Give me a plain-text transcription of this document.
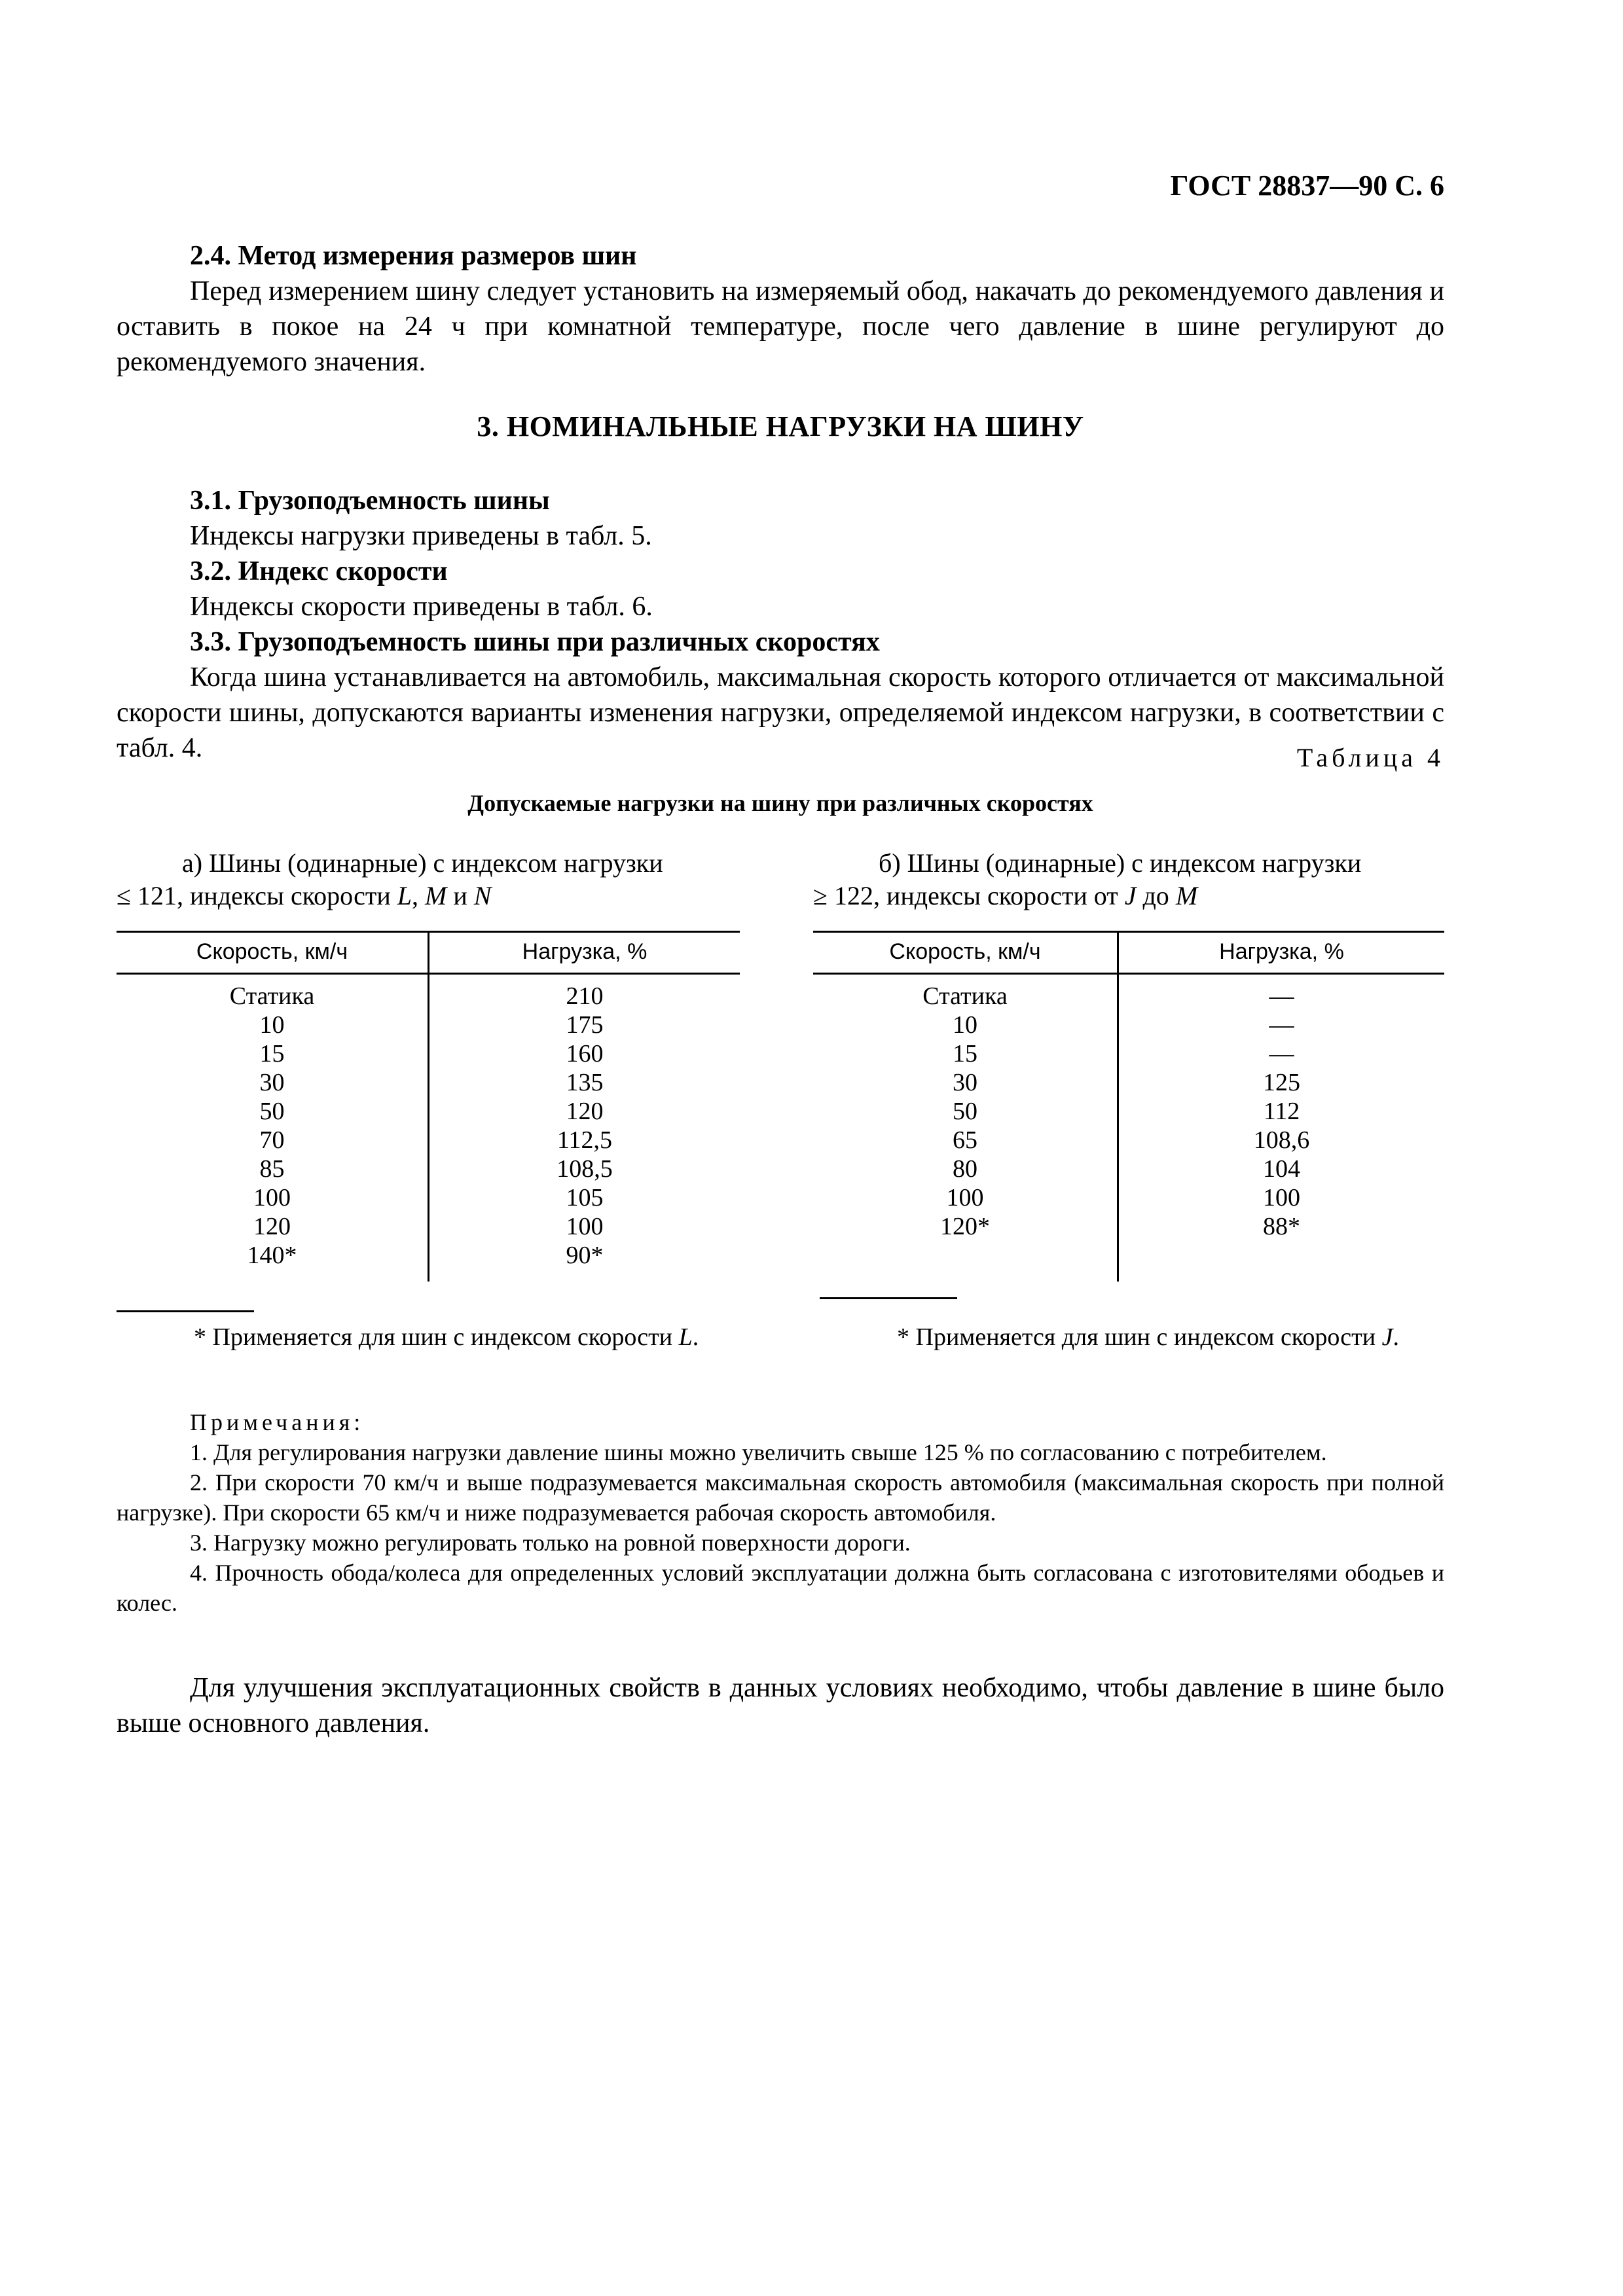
ГОСТ 28837—90 С. 6
2.4. Метод измерения размеров шин
Перед измерением шину следует установить на измеряемый обод, накачать до рекомендуемого давления и оставить в покое на 24 ч при комнатной температуре, после чего давление в шине регулируют до рекомендуемого значения.
3. НОМИНАЛЬНЫЕ НАГРУЗКИ НА ШИНУ
3.1. Грузоподъемность шины
Индексы нагрузки приведены в табл. 5.
3.2. Индекс скорости
Индексы скорости приведены в табл. 6.
3.3. Грузоподъемность шины при различных скоростях
Когда шина устанавливается на автомобиль, максимальная скорость которого отличается от максимальной скорости шины, допускаются варианты изменения нагрузки, определяемой индексом нагрузки, в соответствии с табл. 4.	Таблица 4
Допускаемые нагрузки на шину при различных скоростях

а) Шины (одинарные) с индексом нагрузки

≤ 121, индексы скорости L, M и N

б) Шины (одинарные) с индексом нагрузки

≥ 122, индексы скорости от J до M

Скорость, км/ч	Нагрузка, %
Статика	210
10	175
15	160
30	135
50	120
70	112,5
85	108,5
100	105
120	100
140*	90*
Скорость, км/ч	Нагрузка, %
Статика	—
10	—
15	—
30	125
50	112
65	108,6
80	104
100	100
120*	88*
* Применяется для шин с индексом скорости L.	* Применяется для шин с индексом скорости J.

Примечания:

1. Для регулирования нагрузки давление шины можно увеличить свыше 125 % по согласованию с потребителем.

2. При скорости 70 км/ч и выше подразумевается максимальная скорость автомобиля (максимальная скорость при полной нагрузке). При скорости 65 км/ч и ниже подразумевается рабочая скорость автомобиля.

3. Нагрузку можно регулировать только на ровной поверхности дороги.

4. Прочность обода/колеса для определенных условий эксплуатации должна быть согласована с изготовителями ободьев и колес.

Для улучшения эксплуатационных свойств в данных условиях необходимо, чтобы давление в шине было выше основного давления.
